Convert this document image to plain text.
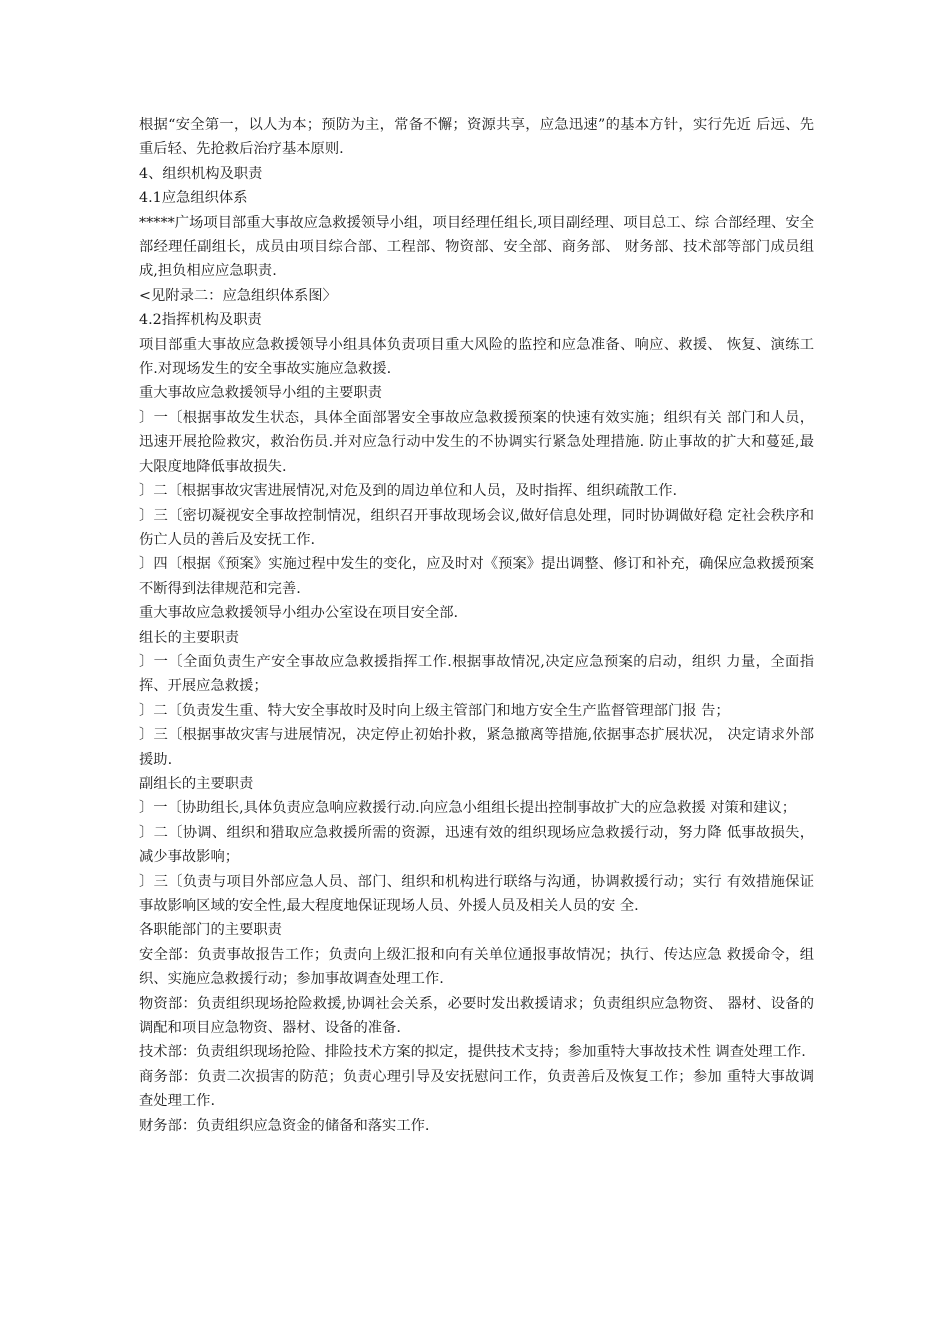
根据“安全第一，以人为本；预防为主，常备不懈；资源共享，应急迅速”的基本方针，实行先近 后远、先重后轻、先抢救后治疗基本原则.

4、组织机构及职责

4.1应急组织体系

*****广场项目部重大事故应急救援领导小组，项目经理任组长,项目副经理、项目总工、综 合部经理、安全部经理任副组长，成员由项目综合部、工程部、物资部、安全部、商务部、 财务部、技术部等部门成员组成,担负相应应急职责.

<见附录二：应急组织体系图〉

4.2指挥机构及职责

项目部重大事故应急救援领导小组具体负责项目重大风险的监控和应急准备、响应、救援、 恢复、演练工作.对现场发生的安全事故实施应急救援.

重大事故应急救援领导小组的主要职责

〕一〔根据事故发生状态，具体全面部署安全事故应急救援预案的快速有效实施；组织有关 部门和人员，迅速开展抢险救灾，救治伤员.并对应急行动中发生的不协调实行紧急处理措施. 防止事故的扩大和蔓延,最大限度地降低事故损失.

〕二〔根据事故灾害进展情况,对危及到的周边单位和人员，及时指挥、组织疏散工作.

〕三〔密切凝视安全事故控制情况，组织召开事故现场会议,做好信息处理，同时协调做好稳 定社会秩序和伤亡人员的善后及安抚工作.

〕四〔根据《预案》实施过程中发生的变化，应及时对《预案》提出调整、修订和补充，确保应急救援预案不断得到法律规范和完善.

重大事故应急救援领导小组办公室设在项目安全部.

组长的主要职责

〕一〔全面负责生产安全事故应急救援指挥工作.根据事故情况,决定应急预案的启动，组织 力量，全面指挥、开展应急救援；

〕二〔负责发生重、特大安全事故时及时向上级主管部门和地方安全生产监督管理部门报 告；

〕三〔根据事故灾害与进展情况，决定停止初始扑救，紧急撤离等措施,依据事态扩展状况， 决定请求外部援助.

副组长的主要职责

〕一〔协助组长,具体负责应急响应救援行动.向应急小组组长提出控制事故扩大的应急救援 对策和建议；

〕二〔协调、组织和猎取应急救援所需的资源，迅速有效的组织现场应急救援行动，努力降 低事故损失，减少事故影响；

〕三〔负责与项目外部应急人员、部门、组织和机构进行联络与沟通，协调救援行动；实行 有效措施保证事故影响区域的安全性,最大程度地保证现场人员、外援人员及相关人员的安 全.

各职能部门的主要职责

安全部：负责事故报告工作；负责向上级汇报和向有关单位通报事故情况；执行、传达应急 救援命令，组织、实施应急救援行动；参加事故调查处理工作.

物资部：负责组织现场抢险救援,协调社会关系，必要时发出救援请求；负责组织应急物资、 器材、设备的调配和项目应急物资、器材、设备的准备.

技术部：负责组织现场抢险、排险技术方案的拟定，提供技术支持；参加重特大事故技术性 调查处理工作.

商务部：负责二次损害的防范；负责心理引导及安抚慰问工作，负责善后及恢复工作；参加 重特大事故调查处理工作.

财务部：负责组织应急资金的储备和落实工作.
